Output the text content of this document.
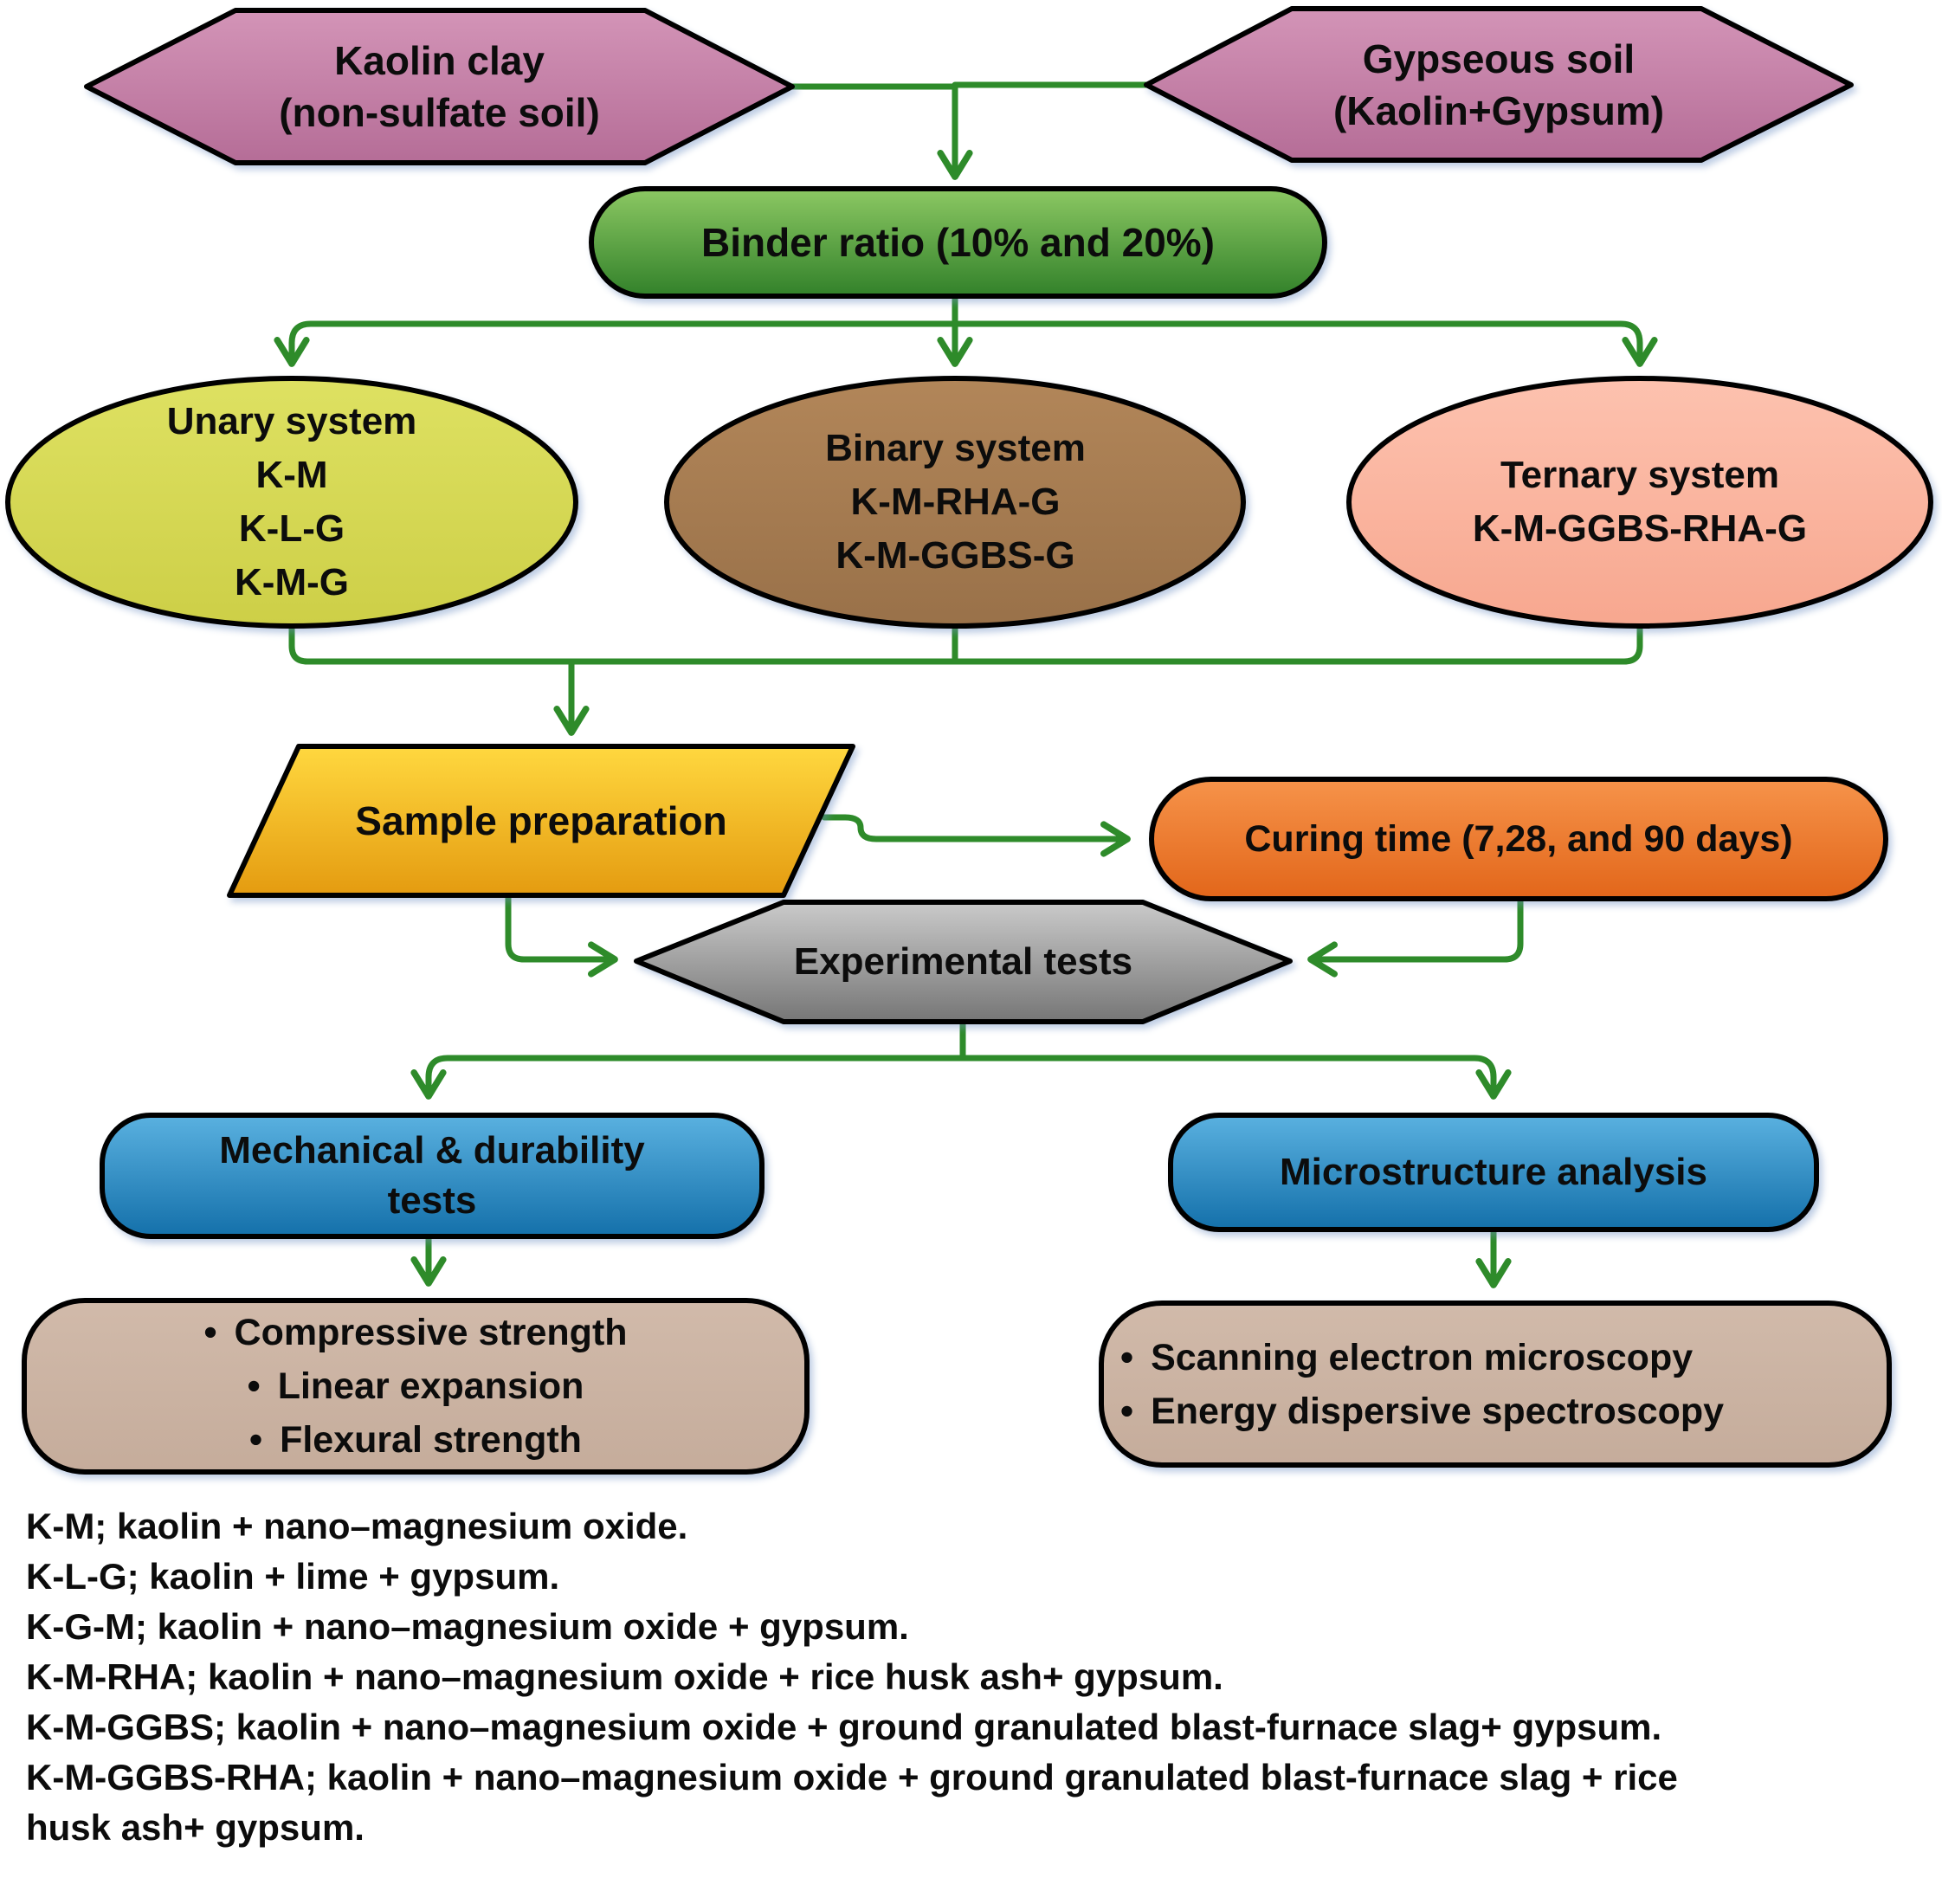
Kaolin clay
(non-sulfate soil)
Gypseous soil
(Kaolin+Gypsum)
Binder ratio (10% and 20%)
Unary system
K-M
K-L-G
K-M-G
Binary system
K-M-RHA-G
K-M-GGBS-G
Ternary system
K-M-GGBS-RHA-G
Sample preparation	Curing time (7,28, and 90 days)
Experimental tests
Mechanical & durability
tests
Microstructure analysis
• Compressive strength
• Linear expansion
• Flexural strength
• Scanning electron microscopy
• Energy dispersive spectroscopy
K-M; kaolin + nano–magnesium oxide.
K-L-G; kaolin + lime + gypsum.
K-G-M; kaolin + nano–magnesium oxide + gypsum.
K-M-RHA; kaolin + nano–magnesium oxide + rice husk ash+ gypsum.
K-M-GGBS; kaolin + nano–magnesium oxide + ground granulated blast-furnace slag+ gypsum.
K-M-GGBS-RHA; kaolin + nano–magnesium oxide + ground granulated blast-furnace slag + rice husk ash+ gypsum.
